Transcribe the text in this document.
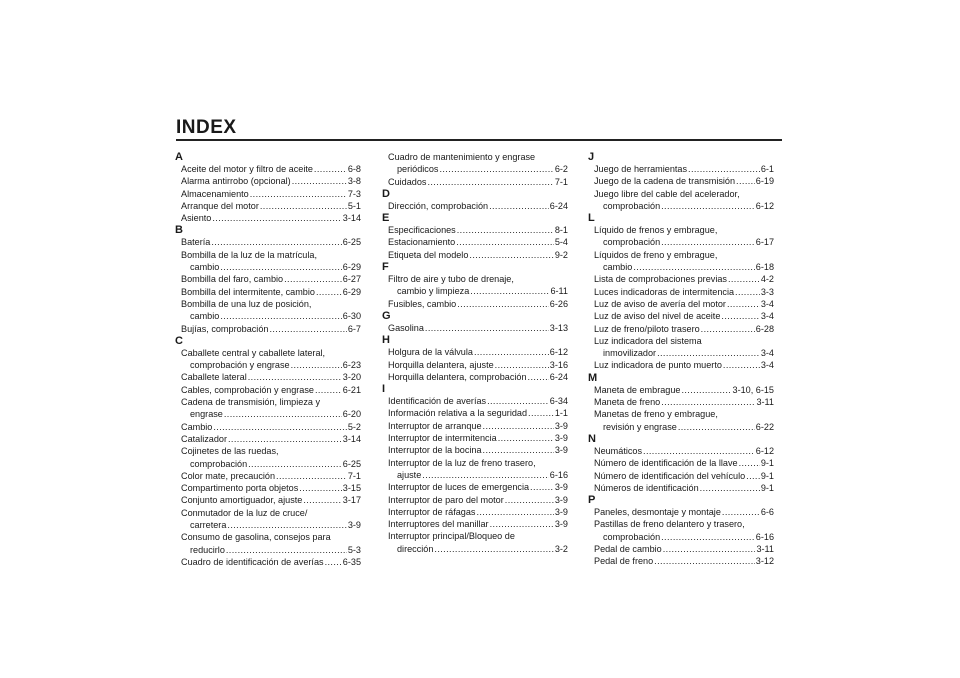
INDEX
A
Aceite del motor y filtro de aceite .....	6-8
Alarma antirrobo (opcional) .....	3-8
Almacenamiento .....	7-3
Arranque del motor .....	5-1
Asiento .....	3-14
B
Batería .....	6-25
Bombilla de la luz de la matrícula,
cambio .....	6-29
Bombilla del faro, cambio .....	6-27
Bombilla del intermitente, cambio .....	6-29
Bombilla de una luz de posición,
cambio .....	6-30
Bujías, comprobación .....	6-7
C
Caballete central y caballete lateral,
comprobación y engrase .....	6-23
Caballete lateral .....	3-20
Cables, comprobación y engrase .....	6-21
Cadena de transmisión, limpieza y
engrase .....	6-20
Cambio .....	5-2
Catalizador .....	3-14
Cojinetes de las ruedas,
comprobación .....	6-25
Color mate, precaución .....	7-1
Compartimento porta objetos .....	3-15
Conjunto amortiguador, ajuste .....	3-17
Conmutador de la luz de cruce/
carretera .....	3-9
Consumo de gasolina, consejos para
reducirlo .....	5-3
Cuadro de identificación de averías ..... 6-35
Cuadro de mantenimiento y engrase
periódicos .....	6-2
Cuidados .....	7-1
D
Dirección, comprobación .....	6-24
E
Especificaciones .....	8-1
Estacionamiento .....	5-4
Etiqueta del modelo .....	9-2
F
Filtro de aire y tubo de drenaje,
cambio y limpieza .....	6-11
Fusibles, cambio .....	6-26
G
Gasolina .....	3-13
H
Holgura de la válvula .....	6-12
Horquilla delantera, ajuste .....	3-16
Horquilla delantera, comprobación .....	6-24
I
Identificación de averías .....	6-34
Información relativa a la seguridad .....	1-1
Interruptor de arranque .....	3-9
Interruptor de intermitencia .....	3-9
Interruptor de la bocina .....	3-9
Interruptor de la luz de freno trasero,
ajuste .....	6-16
Interruptor de luces de emergencia .....	3-9
Interruptor de paro del motor .....	3-9
Interruptor de ráfagas .....	3-9
Interruptores del manillar .....	3-9
Interruptor principal/Bloqueo de
dirección .....	3-2
J
Juego de herramientas .....	6-1
Juego de la cadena de transmisión ..... 6-19
Juego libre del cable del acelerador,
comprobación .....	6-12
L
Líquido de frenos y embrague,
comprobación .....	6-17
Líquidos de freno y embrague,
cambio .....	6-18
Lista de comprobaciones previas .....	4-2
Luces indicadoras de intermitencia .....	3-3
Luz de aviso de avería del motor .....	3-4
Luz de aviso del nivel de aceite .....	3-4
Luz de freno/piloto trasero .....	6-28
Luz indicadora del sistema
inmovilizador .....	3-4
Luz indicadora de punto muerto .....	3-4
M
Maneta de embrague .....	3-10, 6-15
Maneta de freno .....	3-11
Manetas de freno y embrague,
revisión y engrase .....	6-22
N
Neumáticos .....	6-12
Número de identificación de la llave .....	9-1
Número de identificación del vehículo ..... 9-1
Números de identificación .....	9-1
P
Paneles, desmontaje y montaje .....	6-6
Pastillas de freno delantero y trasero,
comprobación .....	6-16
Pedal de cambio .....	3-11
Pedal de freno .....	3-12
